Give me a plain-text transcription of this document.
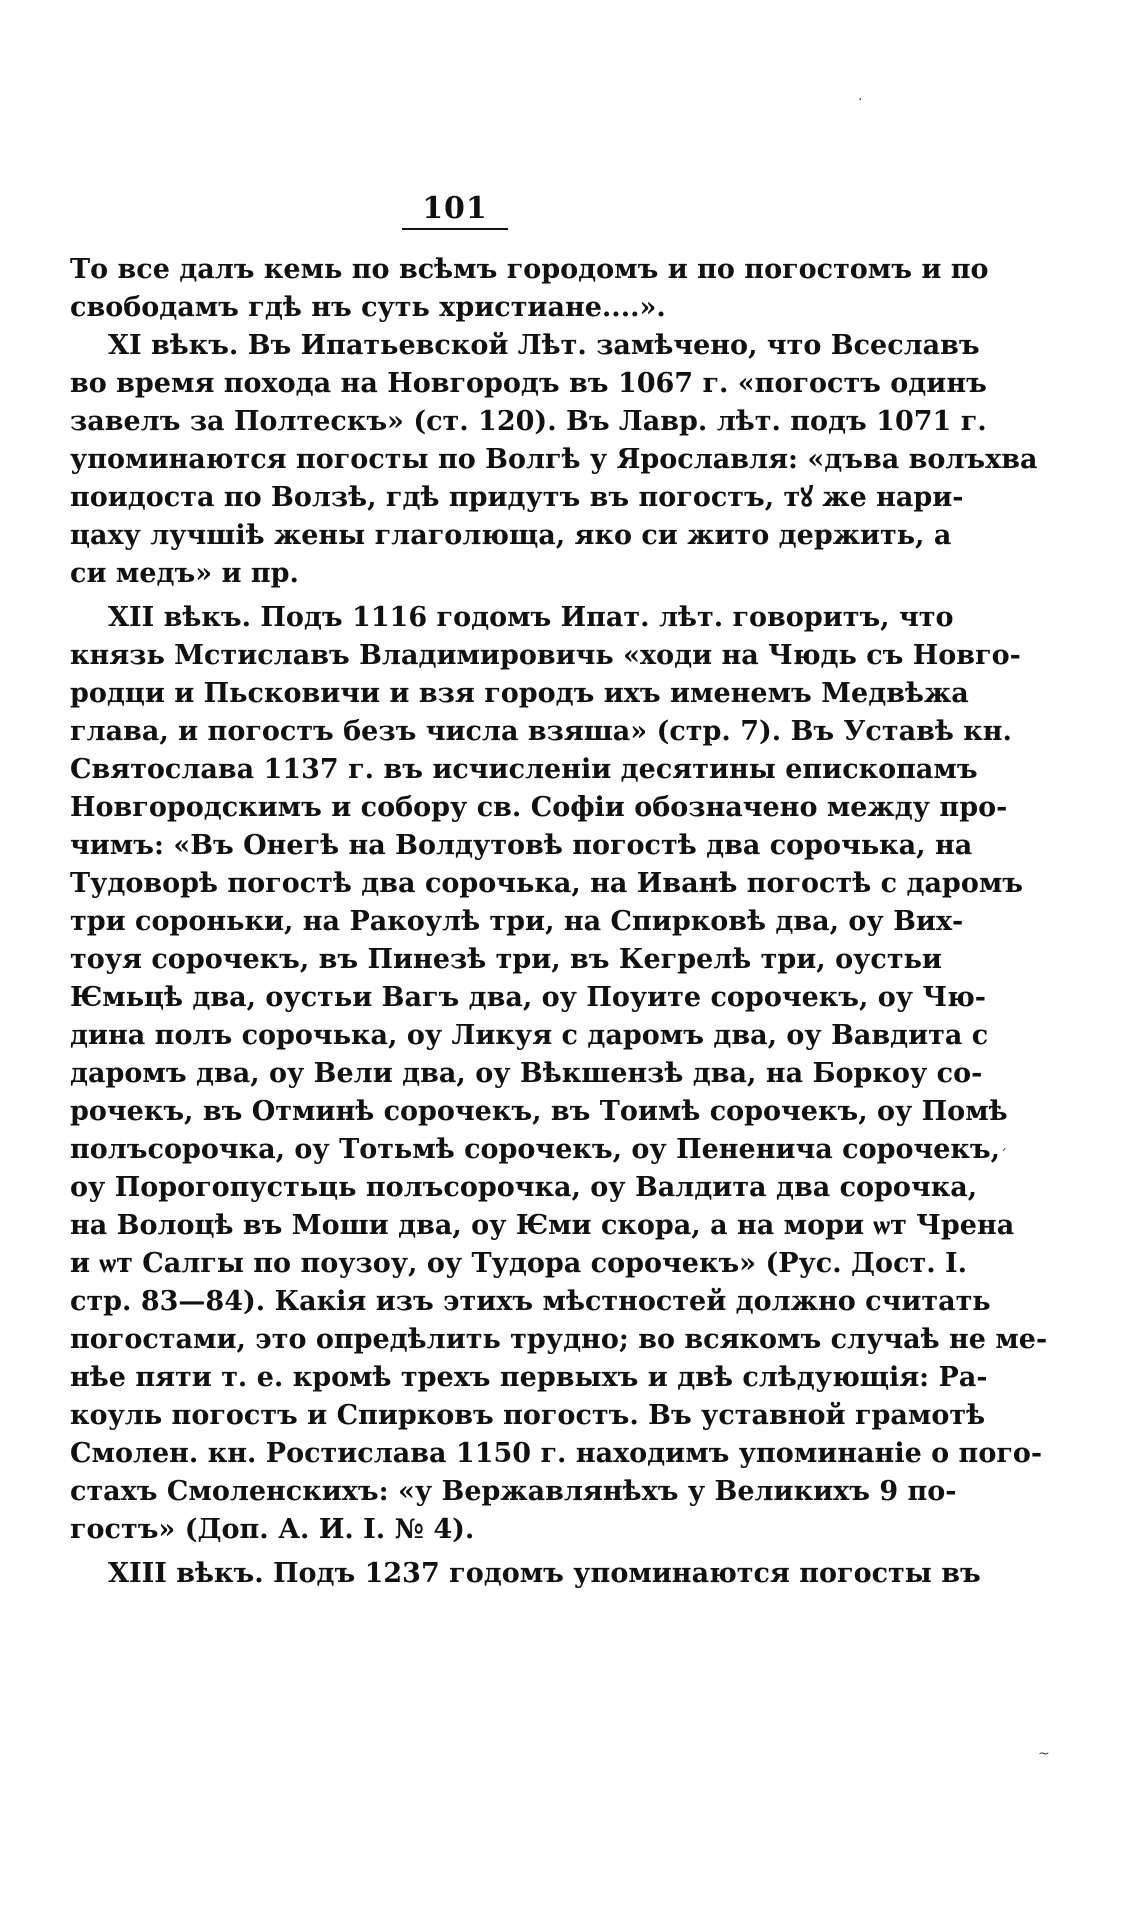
101
·
ˊ
~
То все далъ кемь по всѣмъ городомъ и по погостомъ и по
свободамъ гдѣ нъ суть христиане....».
XI вѣкъ. Въ Ипатьевской Лѣт. замѣчено, что Всеславъ
во время похода на Новгородъ въ 1067 г. «погостъ одинъ
завелъ за Полтескъ» (ст. 120). Въ Лавр. лѣт. подъ 1071 г.
упоминаются погосты по Волгѣ у Ярославля: «дъва волъхва
поидоста по Волзѣ, гдѣ придутъ въ погостъ, тꙋ же нари-
цаху лучшіѣ жены глаголюща, яко си жито держить, а
си медъ» и пр.
XII вѣкъ. Подъ 1116 годомъ Ипат. лѣт. говоритъ, что
князь Мстиславъ Владимировичь «ходи на Чюдь съ Новго-
родци и Пьсковичи и взя городъ ихъ именемъ Медвѣжа
глава, и погостъ безъ числа взяша» (стр. 7). Въ Уставѣ кн.
Святослава 1137 г. въ исчисленіи десятины епископамъ
Новгородскимъ и собору св. Софіи обозначено между про-
чимъ: «Въ Онегѣ на Волдутовѣ погостѣ два сорочька, на
Тудоворѣ погостѣ два сорочька, на Иванѣ погостѣ с даромъ
три сороньки, на Ракоулѣ три, на Спирковѣ два, оу Вих-
тоуя сорочекъ, въ Пинезѣ три, въ Кегрелѣ три, оустьи
Ѥмьцѣ два, оустьи Вагъ два, оу Поуите сорочекъ, оу Чю-
дина полъ сорочька, оу Ликуя с даромъ два, оу Вавдита с
даромъ два, оу Вели два, оу Вѣкшензѣ два, на Боркоу со-
рочекъ, въ Отминѣ сорочекъ, въ Тоимѣ сорочекъ, оу Помѣ
полъсорочка, оу Тотьмѣ сорочекъ, оу Пененича сорочекъ,
оу Порогопустьць полъсорочка, оу Валдита два сорочка,
на Волоцѣ въ Моши два, оу Ѥми скора, а на мори ѡт Чрена
и ѡт Салгы по поузоу, оу Тудора сорочекъ» (Рус. Дост. I.
стр. 83—84). Какія изъ этихъ мѣстностей должно считать
погостами, это опредѣлить трудно; во всякомъ случаѣ не ме-
нѣе пяти т. е. кромѣ трехъ первыхъ и двѣ слѣдующія: Ра-
коуль погостъ и Спирковъ погостъ. Въ уставной грамотѣ
Смолен. кн. Ростислава 1150 г. находимъ упоминаніе о пого-
стахъ Смоленскихъ: «у Вержавлянѣхъ у Великихъ 9 по-
гостъ» (Доп. А. И. I. № 4).
XIII вѣкъ. Подъ 1237 годомъ упоминаются погосты въ
